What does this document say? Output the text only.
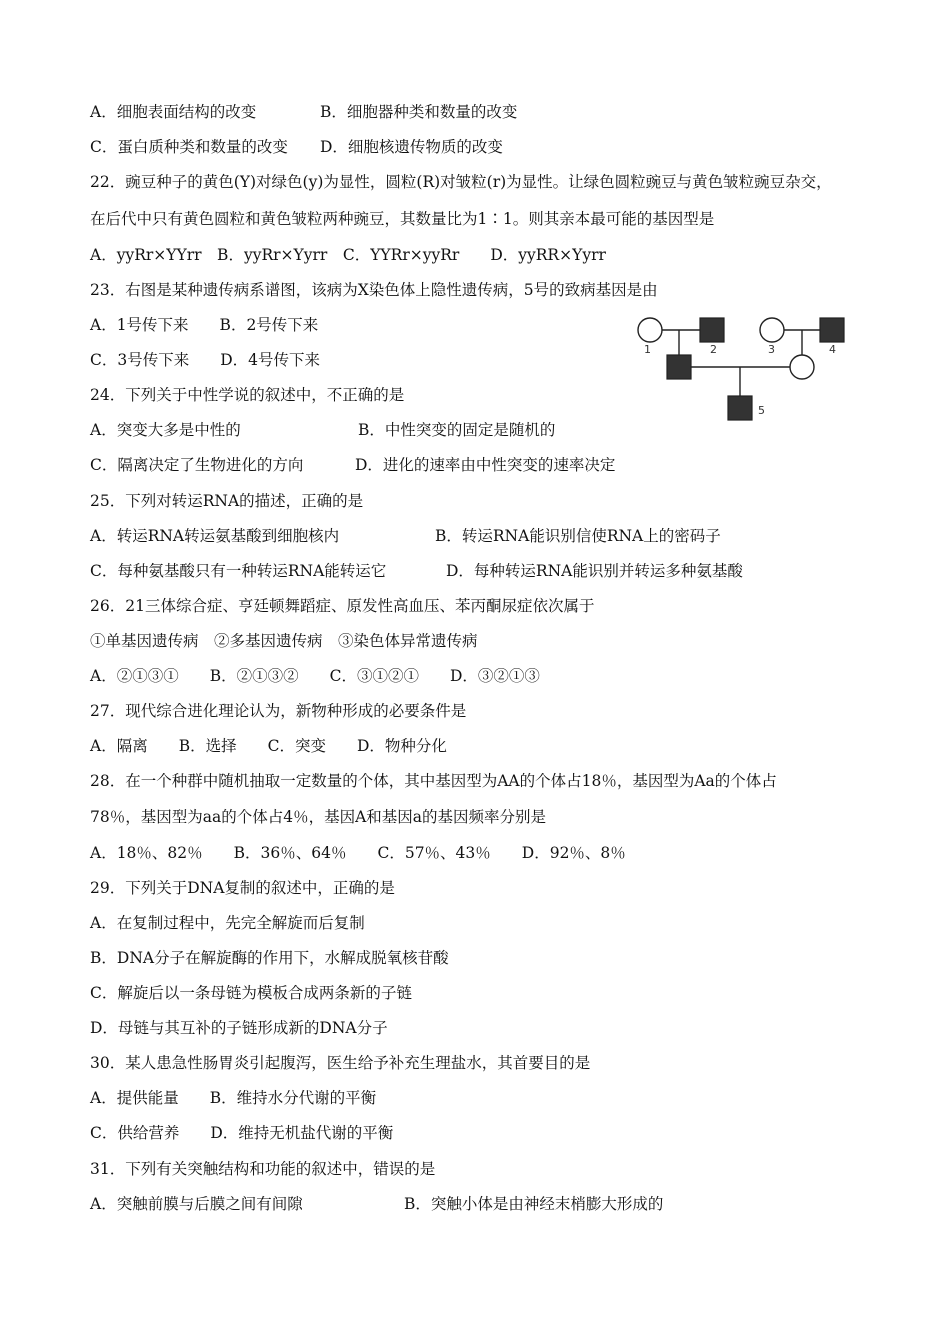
A．细胞表面结构的改变
C．蛋白质种类和数量的改变
22．豌豆种子的黄色(Y)对绿色(y)为显性，圆粒(R)对皱粒(r)为显性。让绿色圆粒豌豆与黄色皱粒豌豆杂交，
在后代中只有黄色圆粒和黄色皱粒两种豌豆，其数量比为1∶1。则其亲本最可能的基因型是
A．yyRr×YYrr　B．yyRr×Yyrr　C．YYRr×yyRr　　D．yyRR×Yyrr
23．右图是某种遗传病系谱图，该病为X染色体上隐性遗传病，5号的致病基因是由
A．1号传下来　　B．2号传下来
C．3号传下来　　D．4号传下来
24．下列关于中性学说的叙述中，不正确的是
C．隔离决定了生物进化的方向
25．下列对转运RNA的描述，正确的是
A．转运RNA转运氨基酸到细胞核内
C．每种氨基酸只有一种转运RNA能转运它
26．21三体综合症、亨廷顿舞蹈症、原发性高血压、苯丙酮尿症依次属于
①单基因遗传病　②多基因遗传病　③染色体异常遗传病
A．②①③①　　B．②①③②　　C．③①②①　　D．③②①③
27．现代综合进化理论认为，新物种形成的必要条件是
A．隔离　　B．选择　　C．突变　　D．物种分化
28．在一个种群中随机抽取一定数量的个体，其中基因型为AA的个体占18％，基因型为Aa的个体占
78％，基因型为aa的个体占4％，基因A和基因a的基因频率分别是
A．18％、82％　　B．36％、64％　　C．57％、43％　　D．92％、8％
29．下列关于DNA复制的叙述中，正确的是
A．在复制过程中，先完全解旋而后复制
B．DNA分子在解旋酶的作用下，水解成脱氧核苷酸
C．解旋后以一条母链为模板合成两条新的子链
D．母链与其互补的子链形成新的DNA分子
30．某人患急性肠胃炎引起腹泻，医生给予补充生理盐水，其首要目的是
A．提供能量　　B．维持水分代谢的平衡
C．供给营养　　D．维持无机盐代谢的平衡
31．下列有关突触结构和功能的叙述中，错误的是
A．突触前膜与后膜之间有间隙
B．细胞器种类和数量的改变
D．细胞核遗传物质的改变
A．突变大多是中性的	B．中性突变的固定是随机的
D．进化的速率由中性突变的速率决定
B．转运RNA能识别信使RNA上的密码子
D．每种转运RNA能识别并转运多种氨基酸
B．突触小体是由神经末梢膨大形成的
1	2	3	4
5
